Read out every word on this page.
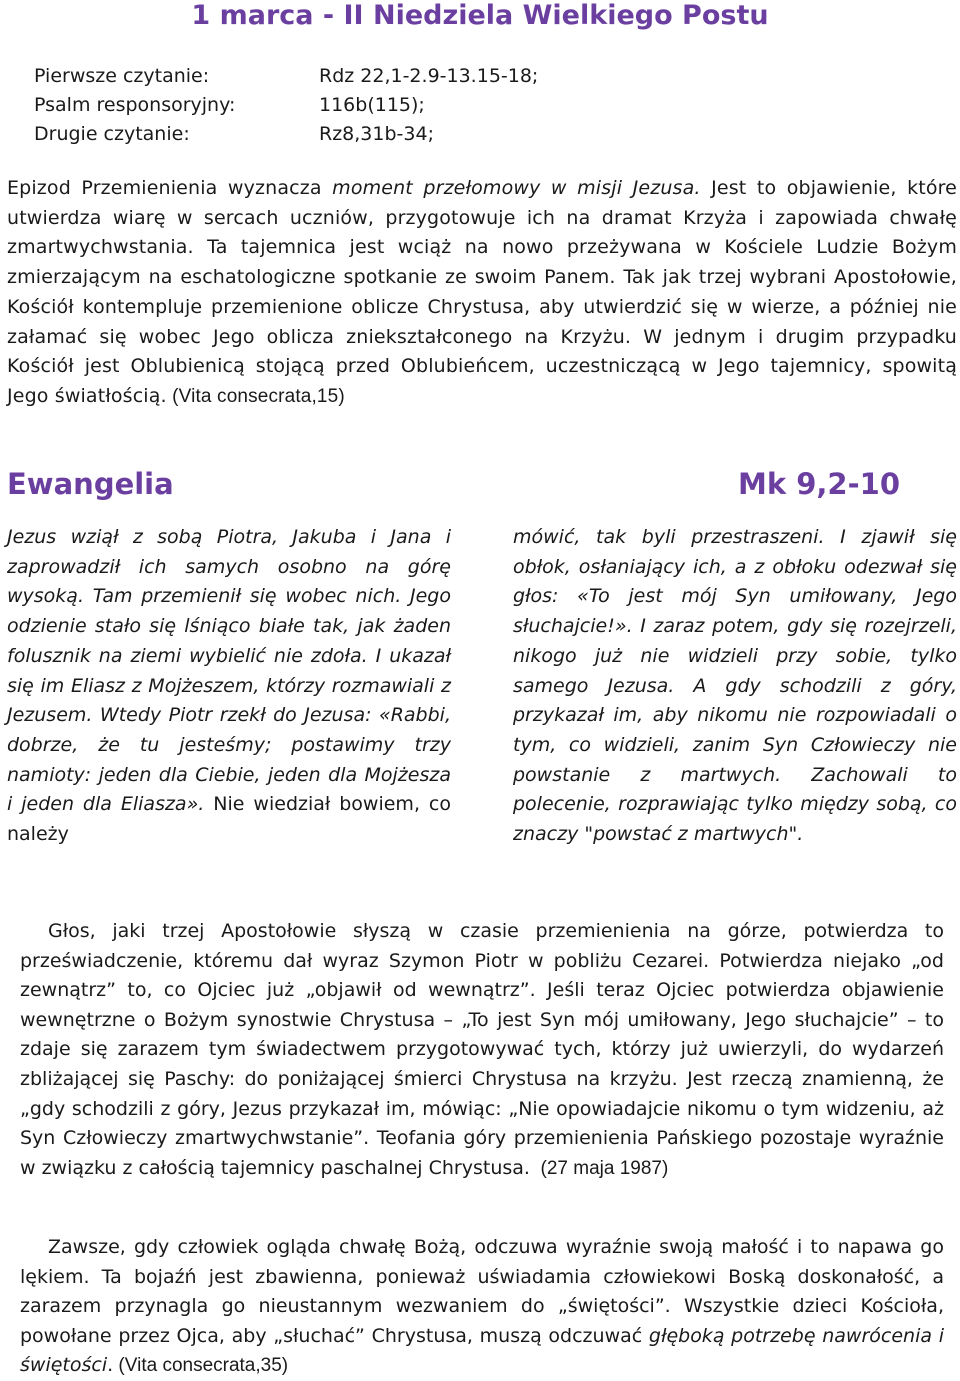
1 marca - II Niedziela Wielkiego Postu
Pierwsze czytanie:	Rdz 22,1-2.9-13.15-18;
Psalm responsoryjny:	116b(115);
Drugie czytanie:	Rz8,31b-34;
Epizod Przemienienia wyznacza moment przełomowy w misji Jezusa. Jest to objawienie, które utwierdza wiarę w sercach uczniów, przygotowuje ich na dramat Krzyża i zapowiada chwałę zmartwychwstania. Ta tajemnica jest wciąż na nowo przeżywana w Kościele Ludzie Bożym zmierzającym na eschatologiczne spotkanie ze swoim Panem. Tak jak trzej wybrani Apostołowie, Kościół kontempluje przemienione oblicze Chrystusa, aby utwierdzić się w wierze, a później nie załamać się wobec Jego oblicza zniekształconego na Krzyżu. W jednym i drugim przypadku Kościół jest Oblubienicą stojącą przed Oblubieńcem, uczestniczącą w Jego tajemnicy, spowitą Jego światłością. (Vita consecrata,15)
Ewangelia	Mk 9,2-10
Jezus wziął z sobą Piotra, Jakuba i Jana i zaprowadził ich samych osobno na górę wysoką. Tam przemienił się wobec nich. Jego odzienie stało się lśniąco białe tak, jak żaden folusznik na ziemi wybielić nie zdoła. I ukazał się im Eliasz z Mojżeszem, którzy rozmawiali z Jezusem. Wtedy Piotr rzekł do Jezusa: «Rabbi, dobrze, że tu jesteśmy; postawimy trzy namioty: jeden dla Ciebie, jeden dla Mojżesza i jeden dla Eliasza». Nie wiedział bowiem, co należy
mówić, tak byli przestraszeni. I zjawił się obłok, osłaniający ich, a z obłoku odezwał się głos: «To jest mój Syn umiłowany, Jego słuchajcie!». I zaraz potem, gdy się rozejrzeli, nikogo już nie widzieli przy sobie, tylko samego Jezusa. A gdy schodzili z góry, przykazał im, aby nikomu nie rozpowiadali o tym, co widzieli, zanim Syn Człowieczy nie powstanie z martwych. Zachowali to polecenie, rozprawiając tylko między sobą, co znaczy "powstać z martwych".
Głos, jaki trzej Apostołowie słyszą w czasie przemienienia na górze, potwierdza to przeświadczenie, któremu dał wyraz Szymon Piotr w pobliżu Cezarei. Potwierdza niejako „od zewnątrz” to, co Ojciec już „objawił od wewnątrz”. Jeśli teraz Ojciec potwierdza objawienie wewnętrzne o Bożym synostwie Chrystusa – „To jest Syn mój umiłowany, Jego słuchajcie” – to zdaje się zarazem tym świadectwem przygotowywać tych, którzy już uwierzyli, do wydarzeń zbliżającej się Paschy: do poniżającej śmierci Chrystusa na krzyżu. Jest rzeczą znamienną, że „gdy schodzili z góry, Jezus przykazał im, mówiąc: „Nie opowiadajcie nikomu o tym widzeniu, aż Syn Człowieczy zmartwychwstanie”. Teofania góry przemienienia Pańskiego pozostaje wyraźnie w związku z całością tajemnicy paschalnej Chrystusa.  (27 maja 1987)
Zawsze, gdy człowiek ogląda chwałę Bożą, odczuwa wyraźnie swoją małość i to napawa go lękiem. Ta bojaźń jest zbawienna, ponieważ uświadamia człowiekowi Boską doskonałość, a zarazem przynagla go nieustannym wezwaniem do „świętości”. Wszystkie dzieci Kościoła, powołane przez Ojca, aby „słuchać” Chrystusa, muszą odczuwać głęboką potrzebę nawrócenia i świętości. (Vita consecrata,35)
